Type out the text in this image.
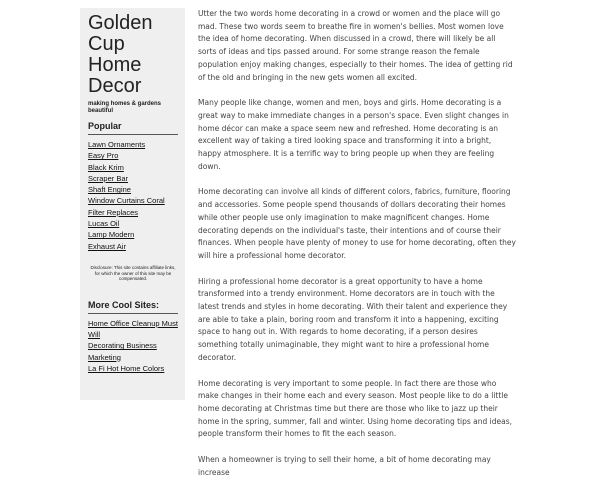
Golden Cup Home Decor
making homes & gardens beautiful
Popular
Lawn Ornaments
Easy Pro
Black Krim
Scraper Bar
Shaft Engine
Window Curtains Coral
Filter Replaces
Lucas Oil
Lamp Modern
Exhaust Air
Disclosure: This site contains affiliate links, for which the owner of this site may be compensated.
More Cool Sites:
Home Office Cleanup Must Will
Decorating Business Marketing
La Fi Hot Home Colors

Utter the two words home decorating in a crowd or women and the place will go mad. These two words seem to breathe fire in women's bellies. Most women love the idea of home decorating. When discussed in a crowd, there will likely be all sorts of ideas and tips passed around. For some strange reason the female population enjoy making changes, especially to their homes. The idea of getting rid of the old and bringing in the new gets women all excited.

Many people like change, women and men, boys and girls. Home decorating is a great way to make immediate changes in a person's space. Even slight changes in home décor can make a space seem new and refreshed. Home decorating is an excellent way of taking a tired looking space and transforming it into a bright, happy atmosphere. It is a terrific way to bring people up when they are feeling down.

Home decorating can involve all kinds of different colors, fabrics, furniture, flooring and accessories. Some people spend thousands of dollars decorating their homes while other people use only imagination to make magnificent changes. Home decorating depends on the individual's taste, their intentions and of course their finances. When people have plenty of money to use for home decorating, often they will hire a professional home decorator.

Hiring a professional home decorator is a great opportunity to have a home transformed into a trendy environment. Home decorators are in touch with the latest trends and styles in home decorating. With their talent and experience they are able to take a plain, boring room and transform it into a happening, exciting space to hang out in. With regards to home decorating, if a person desires something totally unimaginable, they might want to hire a professional home decorator.

Home decorating is very important to some people. In fact there are those who make changes in their home each and every season. Most people like to do a little home decorating at Christmas time but there are those who like to jazz up their home in the spring, summer, fall and winter. Using home decorating tips and ideas, people transform their homes to fit the each season.

When a homeowner is trying to sell their home, a bit of home decorating may increase
